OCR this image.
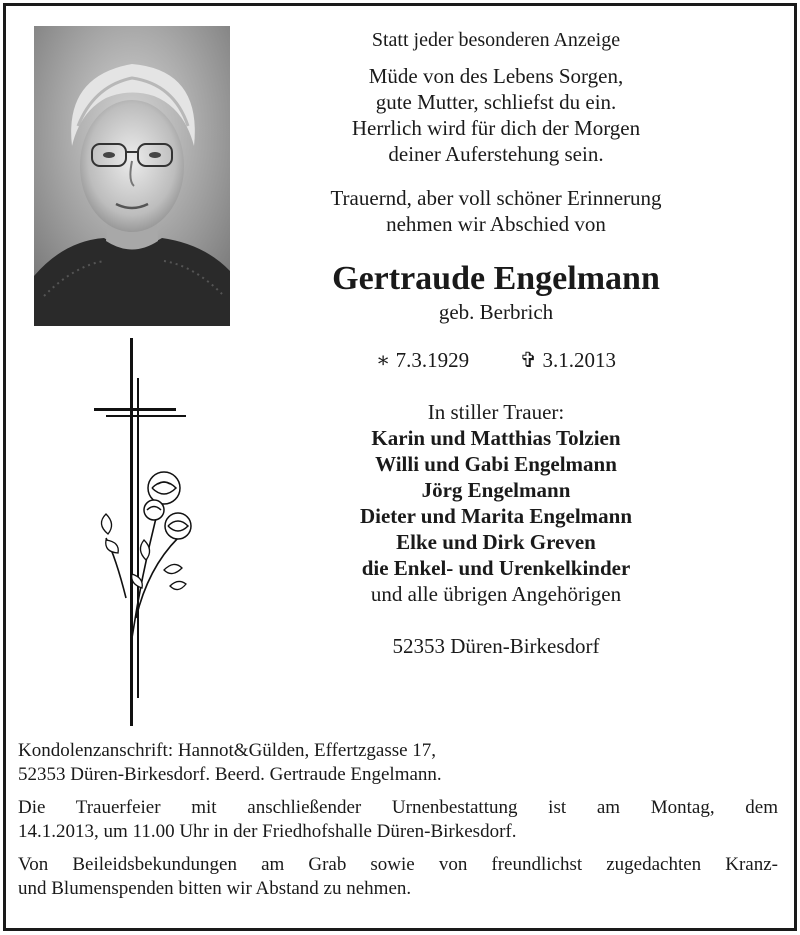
Statt jeder besonderen Anzeige
Müde von des Lebens Sorgen,
gute Mutter, schliefst du ein.
Herrlich wird für dich der Morgen
deiner Auferstehung sein.
Trauernd, aber voll schöner Erinnerung
nehmen wir Abschied von
Gertraude Engelmann
geb. Berbrich
∗ 7.3.1929 ✞ 3.1.2013
In stiller Trauer:
Karin und Matthias Tolzien
Willi und Gabi Engelmann
Jörg Engelmann
Dieter und Marita Engelmann
Elke und Dirk Greven
die Enkel- und Urenkelkinder
und alle übrigen Angehörigen
52353 Düren-Birkesdorf

Kondolenzanschrift: Hannot&Gülden, Effertzgasse 17,
52353 Düren-Birkesdorf. Beerd. Gertraude Engelmann.

Die Trauerfeier mit anschließender Urnenbestattung ist am Montag, dem
14.1.2013, um 11.00 Uhr in der Friedhofshalle Düren-Birkesdorf.

Von Beileidsbekundungen am Grab sowie von freundlichst zugedachten Kranz-
und Blumenspenden bitten wir Abstand zu nehmen.
